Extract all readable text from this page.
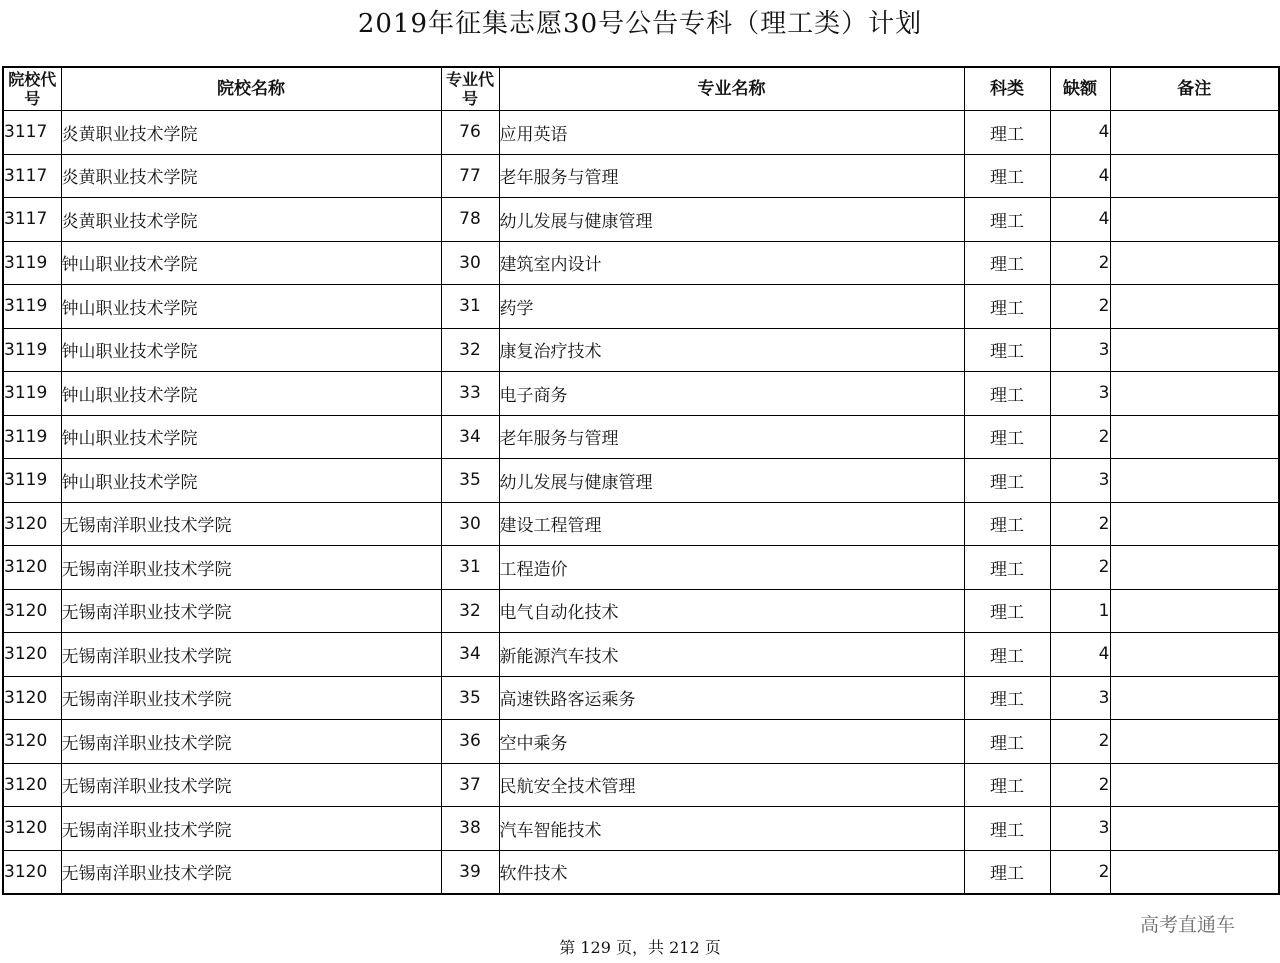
2019年征集志愿30号公告专科（理工类）计划
院校代号	院校名称	专业代号	专业名称	科类	缺额	备注
3117	炎黄职业技术学院	76	应用英语	理工	4	
3117	炎黄职业技术学院	77	老年服务与管理	理工	4	
3117	炎黄职业技术学院	78	幼儿发展与健康管理	理工	4	
3119	钟山职业技术学院	30	建筑室内设计	理工	2	
3119	钟山职业技术学院	31	药学	理工	2	
3119	钟山职业技术学院	32	康复治疗技术	理工	3	
3119	钟山职业技术学院	33	电子商务	理工	3	
3119	钟山职业技术学院	34	老年服务与管理	理工	2	
3119	钟山职业技术学院	35	幼儿发展与健康管理	理工	3	
3120	无锡南洋职业技术学院	30	建设工程管理	理工	2	
3120	无锡南洋职业技术学院	31	工程造价	理工	2	
3120	无锡南洋职业技术学院	32	电气自动化技术	理工	1	
3120	无锡南洋职业技术学院	34	新能源汽车技术	理工	4	
3120	无锡南洋职业技术学院	35	高速铁路客运乘务	理工	3	
3120	无锡南洋职业技术学院	36	空中乘务	理工	2	
3120	无锡南洋职业技术学院	37	民航安全技术管理	理工	2	
3120	无锡南洋职业技术学院	38	汽车智能技术	理工	3	
3120	无锡南洋职业技术学院	39	软件技术	理工	2	
高考直通车
第 129 页，共 212 页
